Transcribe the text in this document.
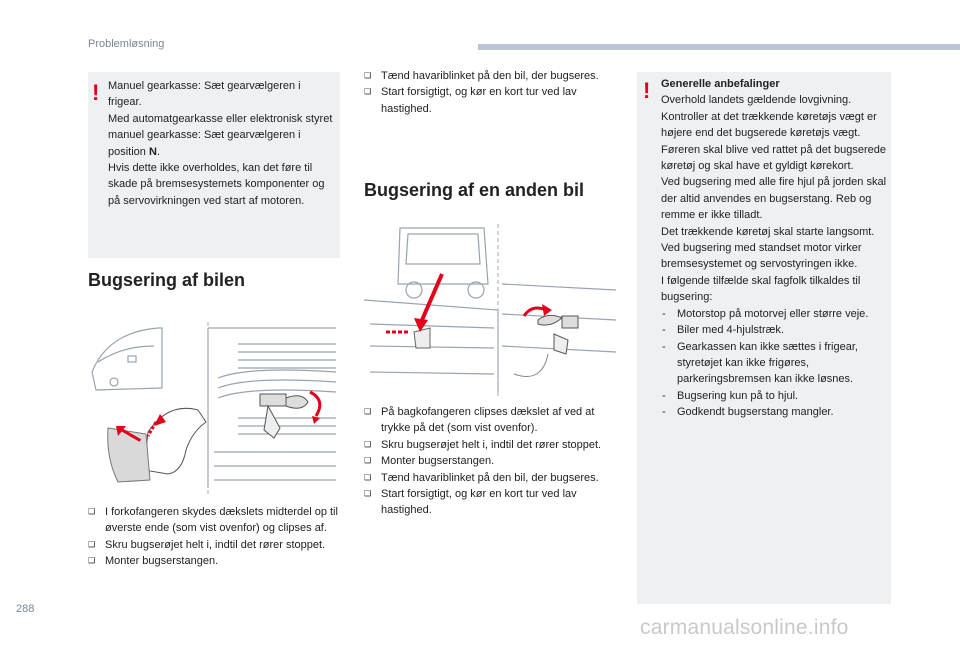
Problemløsning
! Manuel gearkasse: Sæt gearvælgeren i frigear.
Med automatgearkasse eller elektronisk styret manuel gearkasse: Sæt gearvælgeren i position N.
Hvis dette ikke overholdes, kan det føre til skade på bremsesystemets komponenter og på servovirkningen ved start af motoren.
Bugsering af bilen
❑ I forkofangeren skydes dækslets midterdel op til øverste ende (som vist ovenfor) og clipses af.
❑ Skru bugserøjet helt i, indtil det rører stoppet.
❑ Monter bugserstangen.
❑ Tænd havariblinket på den bil, der bugseres.
❑ Start forsigtigt, og kør en kort tur ved lav hastighed.
Bugsering af en anden bil
❑ På bagkofangeren clipses dækslet af ved at trykke på det (som vist ovenfor).
❑ Skru bugserøjet helt i, indtil det rører stoppet.
❑ Monter bugserstangen.
❑ Tænd havariblinket på den bil, der bugseres.
❑ Start forsigtigt, og kør en kort tur ved lav hastighed.
! Generelle anbefalinger
Overhold landets gældende lovgivning.
Kontroller at det trækkende køretøjs vægt er højere end det bugserede køretøjs vægt.
Føreren skal blive ved rattet på det bugserede køretøj og skal have et gyldigt kørekort.
Ved bugsering med alle fire hjul på jorden skal der altid anvendes en bugserstang. Reb og remme er ikke tilladt.
Det trækkende køretøj skal starte langsomt.
Ved bugsering med standset motor virker bremsesystemet og servostyringen ikke.
I følgende tilfælde skal fagfolk tilkaldes til bugsering:
- Motorstop på motorvej eller større veje.
- Biler med 4-hjulstræk.
- Gearkassen kan ikke sættes i frigear, styretøjet kan ikke frigøres, parkeringsbremsen kan ikke løsnes.
- Bugsering kun på to hjul.
- Godkendt bugserstang mangler.
288
carmanualsonline.info
